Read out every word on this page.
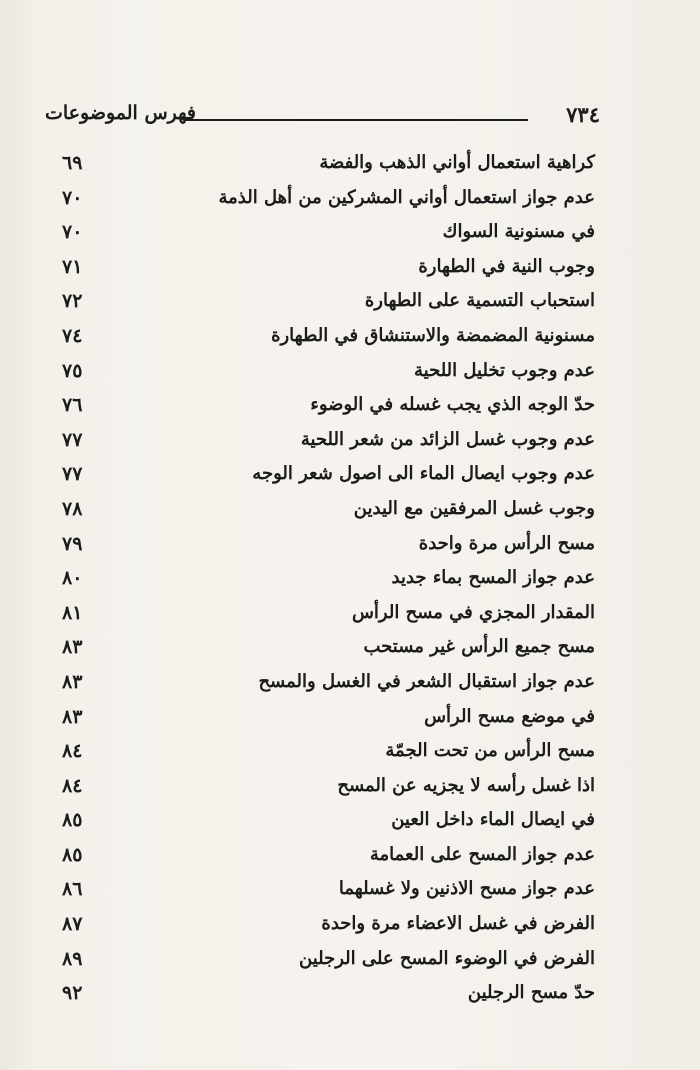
٧٣٤
فهرس الموضوعات
كراهية استعمال أواني الذهب والفضة
٦٩
عدم جواز استعمال أواني المشركين من أهل الذمة
٧٠
في مسنونية السواك
٧٠
وجوب النية في الطهارة
٧١
استحباب التسمية على الطهارة
٧٢
مسنونية المضمضة والاستنشاق في الطهارة
٧٤
عدم وجوب تخليل اللحية
٧٥
حدّ الوجه الذي يجب غسله في الوضوء
٧٦
عدم وجوب غسل الزائد من شعر اللحية
٧٧
عدم وجوب ايصال الماء الى اصول شعر الوجه
٧٧
وجوب غسل المرفقين مع اليدين
٧٨
مسح الرأس مرة واحدة
٧٩
عدم جواز المسح بماء جديد
٨٠
المقدار المجزي في مسح الرأس
٨١
مسح جميع الرأس غير مستحب
٨٣
عدم جواز استقبال الشعر في الغسل والمسح
٨٣
في موضع مسح الرأس
٨٣
مسح الرأس من تحت الجمّة
٨٤
اذا غسل رأسه لا يجزيه عن المسح
٨٤
في ايصال الماء داخل العين
٨٥
عدم جواز المسح على العمامة
٨٥
عدم جواز مسح الاذنين ولا غسلهما
٨٦
الفرض في غسل الاعضاء مرة واحدة
٨٧
الفرض في الوضوء المسح على الرجلين
٨٩
حدّ مسح الرجلين
٩٢
